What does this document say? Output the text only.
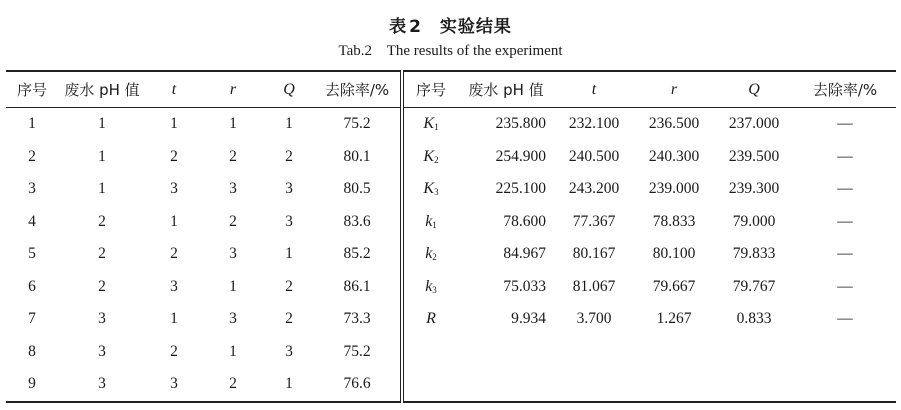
表 2 实验结果
Tab.2    The results of the experiment
序号	废水 pH 值	t	r	Q	去除率/%	序号	废水 pH 值	t	r	Q	去除率/%
1	1	1	1	1	75.2	$K_1$	235.800	232.100	236.500	237.000	—
2	1	2	2	2	80.1	$K_2$	254.900	240.500	240.300	239.500	—
3	1	3	3	3	80.5	$K_3$	225.100	243.200	239.000	239.300	—
4	2	1	2	3	83.6	$k_1$	78.600	77.367	78.833	79.000	—
5	2	2	3	1	85.2	$k_2$	84.967	80.167	80.100	79.833	—
6	2	3	1	2	86.1	$k_3$	75.033	81.067	79.667	79.767	—
7	3	1	3	2	73.3	R	9.934	3.700	1.267	0.833	—
8	3	2	1	3	75.2						
9	3	3	2	1	76.6						
